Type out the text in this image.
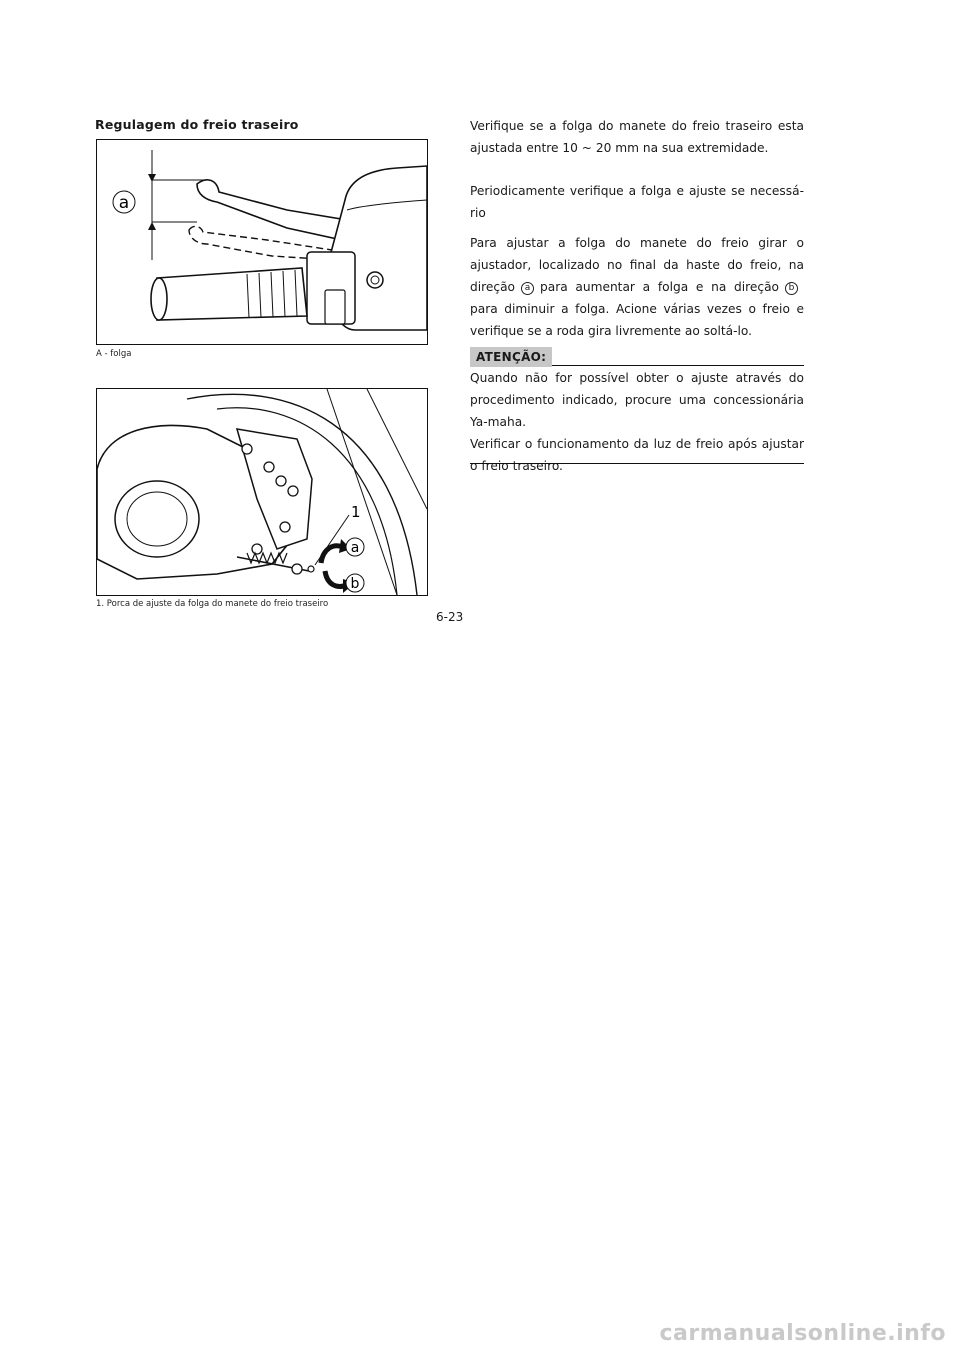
Regulagem do freio traseiro
a
A - folga
1
a
b
1. Porca de ajuste da folga do manete do freio traseiro
Verifique se a folga do manete do freio traseiro esta ajustada entre 10 ~ 20 mm na sua extremidade.
Periodicamente verifique a folga e ajuste se necessá-rio
Para ajustar a folga do manete do freio girar o ajustador, localizado no final da haste do freio, na direção a para aumentar a folga e na direção bpara diminuir a folga. Acione várias vezes o freio e verifique se a roda gira livremente ao soltá-lo.
ATENÇÃO:
Quando não for possível obter o ajuste através do procedimento indicado, procure uma concessionária Ya-maha.
Verificar o funcionamento da luz de freio após ajustar o freio traseiro.
6-23
carmanualsonline.info
